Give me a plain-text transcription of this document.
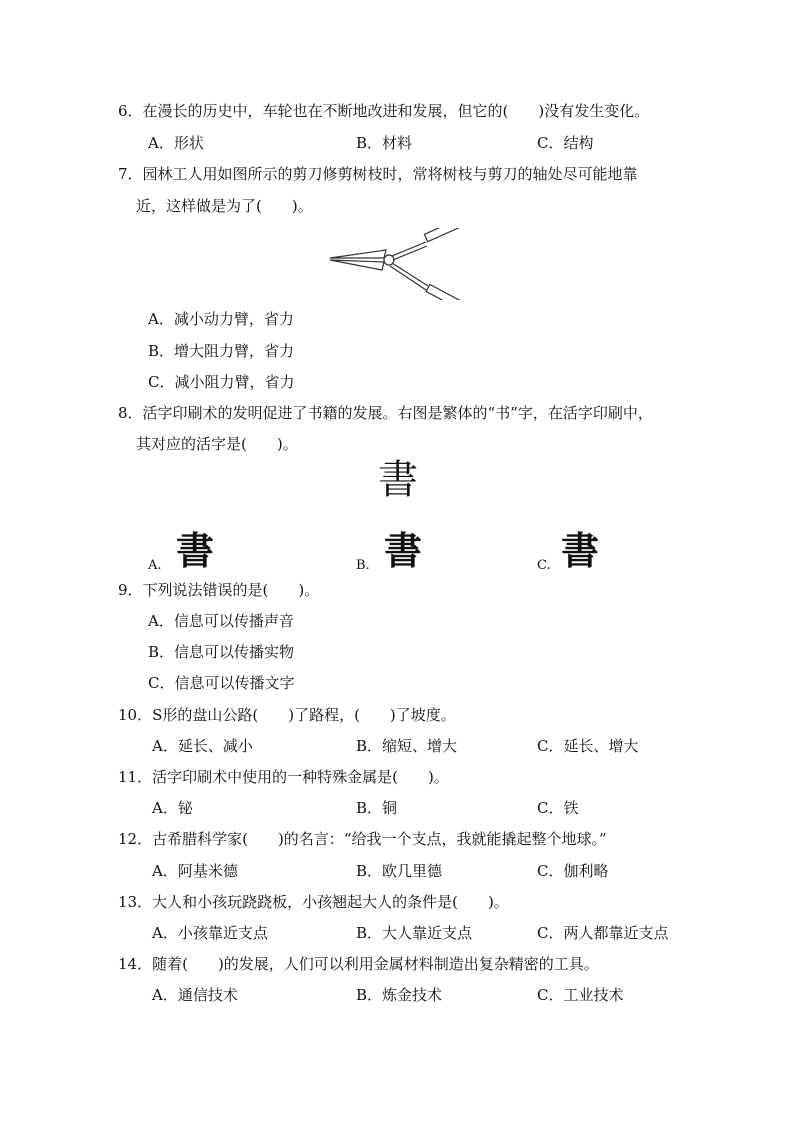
6．在漫长的历史中，车轮也在不断地改进和发展，但它的(　　)没有发生变化。
A．形状	B．材料	C．结构
7．园林工人用如图所示的剪刀修剪树枝时，常将树枝与剪刀的轴处尽可能地靠
近，这样做是为了(　　)。
A．减小动力臂，省力
B．增大阻力臂，省力
C．减小阻力臂，省力
8．活字印刷术的发明促进了书籍的发展。右图是繁体的“书”字，在活字印刷中，
其对应的活字是(　　)。
書
A. 書	B. 書	C. 書
9．下列说法错误的是(　　)。
A．信息可以传播声音
B．信息可以传播实物
C．信息可以传播文字
10．S形的盘山公路(　　)了路程，(　　)了坡度。
A．延长、减小	B．缩短、增大	C．延长、增大
11．活字印刷术中使用的一种特殊金属是(　　)。
A．铋	B．铜	C．铁
12．古希腊科学家(　　)的名言：“给我一个支点，我就能撬起整个地球。”
A．阿基米德	B．欧几里德	C．伽利略
13．大人和小孩玩跷跷板，小孩翘起大人的条件是(　　)。
A．小孩靠近支点	B．大人靠近支点	C．两人都靠近支点
14．随着(　　)的发展，人们可以利用金属材料制造出复杂精密的工具。
A．通信技术	B．炼金技术	C．工业技术
